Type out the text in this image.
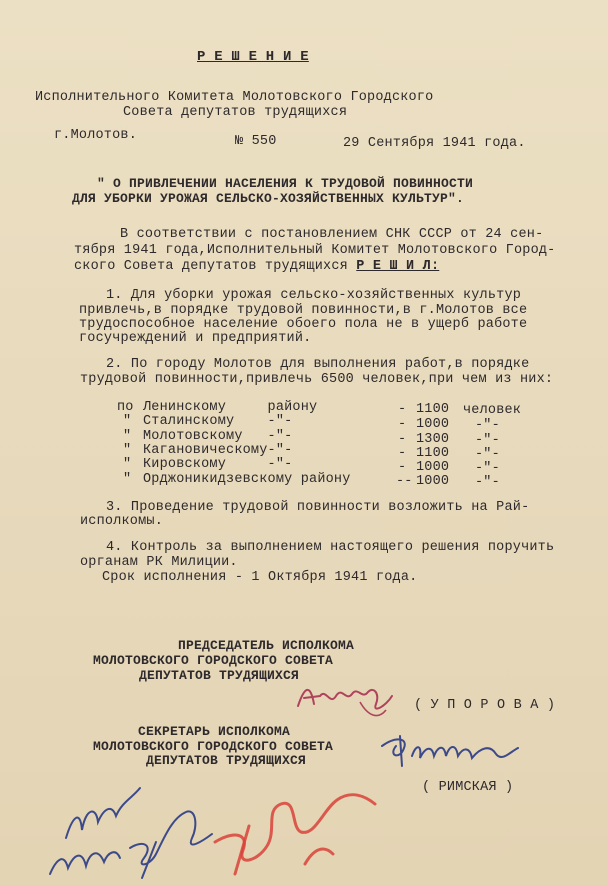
Р Е Ш Е Н И Е
Исполнительного Комитета Молотовского Городского
Совета депутатов трудящихся
г.Молотов.	№ 550	29 Сентября 1941 года.
" О ПРИВЛЕЧЕНИИ НАСЕЛЕНИЯ К ТРУДОВОЙ ПОВИННОСТИ
ДЛЯ УБОРКИ УРОЖАЯ СЕЛЬСКО-ХОЗЯЙСТВЕННЫХ КУЛЬТУР".
В соответствии с постановлением СНК СССР от 24 сен-
тября 1941 года,Исполнительный Комитет Молотовского Город-
ского Совета депутатов трудящихся Р Е Ш И Л:
1. Для уборки урожая сельско-хозяйственных культур
привлечь,в порядке трудовой повинности,в г.Молотов все
трудоспособное население обоего пола не в ущерб работе
госучреждений и предприятий.
2. По городу Молотов для выполнения работ,в порядке
трудовой повинности,привлечь 6500 человек,при чем из них:
по Ленинскому     району	- 1100 человек
" Сталинскому    -"-	- 1000 -"-
" Молотовскому   -"-	- 1300 -"-
" Кагановическому-"-	- 1100 -"-
" Кировскому     -"-	- 1000 -"-
" Орджоникидзевскому району	-- 1000 -"-
3. Проведение трудовой повинности возложить на Рай-
исполкомы.
4. Контроль за выполнением настоящего решения поручить
органам РК Милиции.
Срок исполнения - 1 Октября 1941 года.
ПРЕДСЕДАТЕЛЬ ИСПОЛКОМА
МОЛОТОВСКОГО ГОРОДСКОГО СОВЕТА
ДЕПУТАТОВ ТРУДЯЩИХСЯ
( У П О Р О В А )
СЕКРЕТАРЬ ИСПОЛКОМА
МОЛОТОВСКОГО ГОРОДСКОГО СОВЕТА
ДЕПУТАТОВ ТРУДЯЩИХСЯ
( РИМСКАЯ )
